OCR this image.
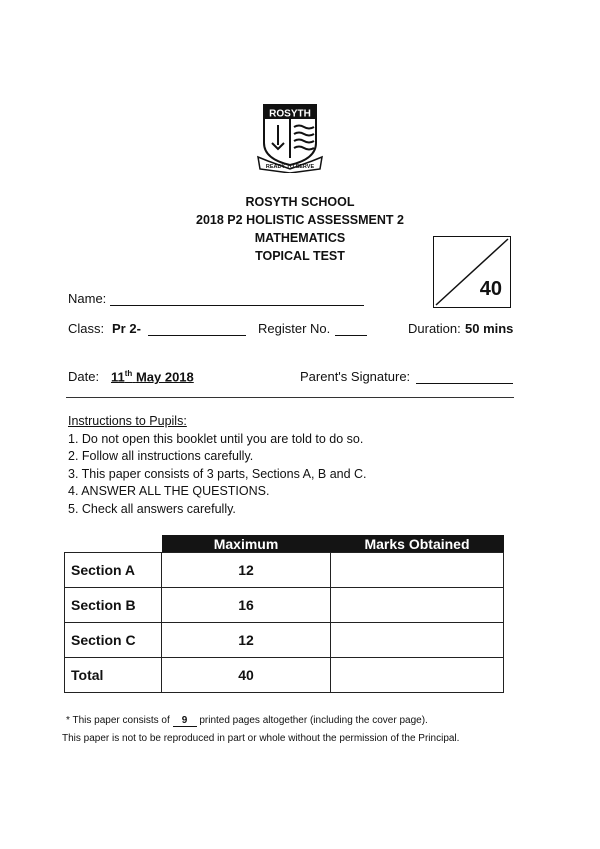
ROSYTH
READY TO SERVE
ROSYTH SCHOOL
2018 P2 HOLISTIC ASSESSMENT 2
MATHEMATICS
TOPICAL TEST
40
Name:
Class: Pr 2-	Register No.	Duration: 50 mins
Date: 11th May 2018	Parent's Signature:
Instructions to Pupils:
1. Do not open this booklet until you are told to do so.
2. Follow all instructions carefully.
3. This paper consists of 3 parts, Sections A, B and C.
4. ANSWER ALL THE QUESTIONS.
5. Check all answers carefully.
	Maximum	Marks Obtained
Section A	12	
Section B	16	
Section C	12	
Total	40	
* This paper consists of 9 printed pages altogether (including the cover page).
This paper is not to be reproduced in part or whole without the permission of the Principal.
